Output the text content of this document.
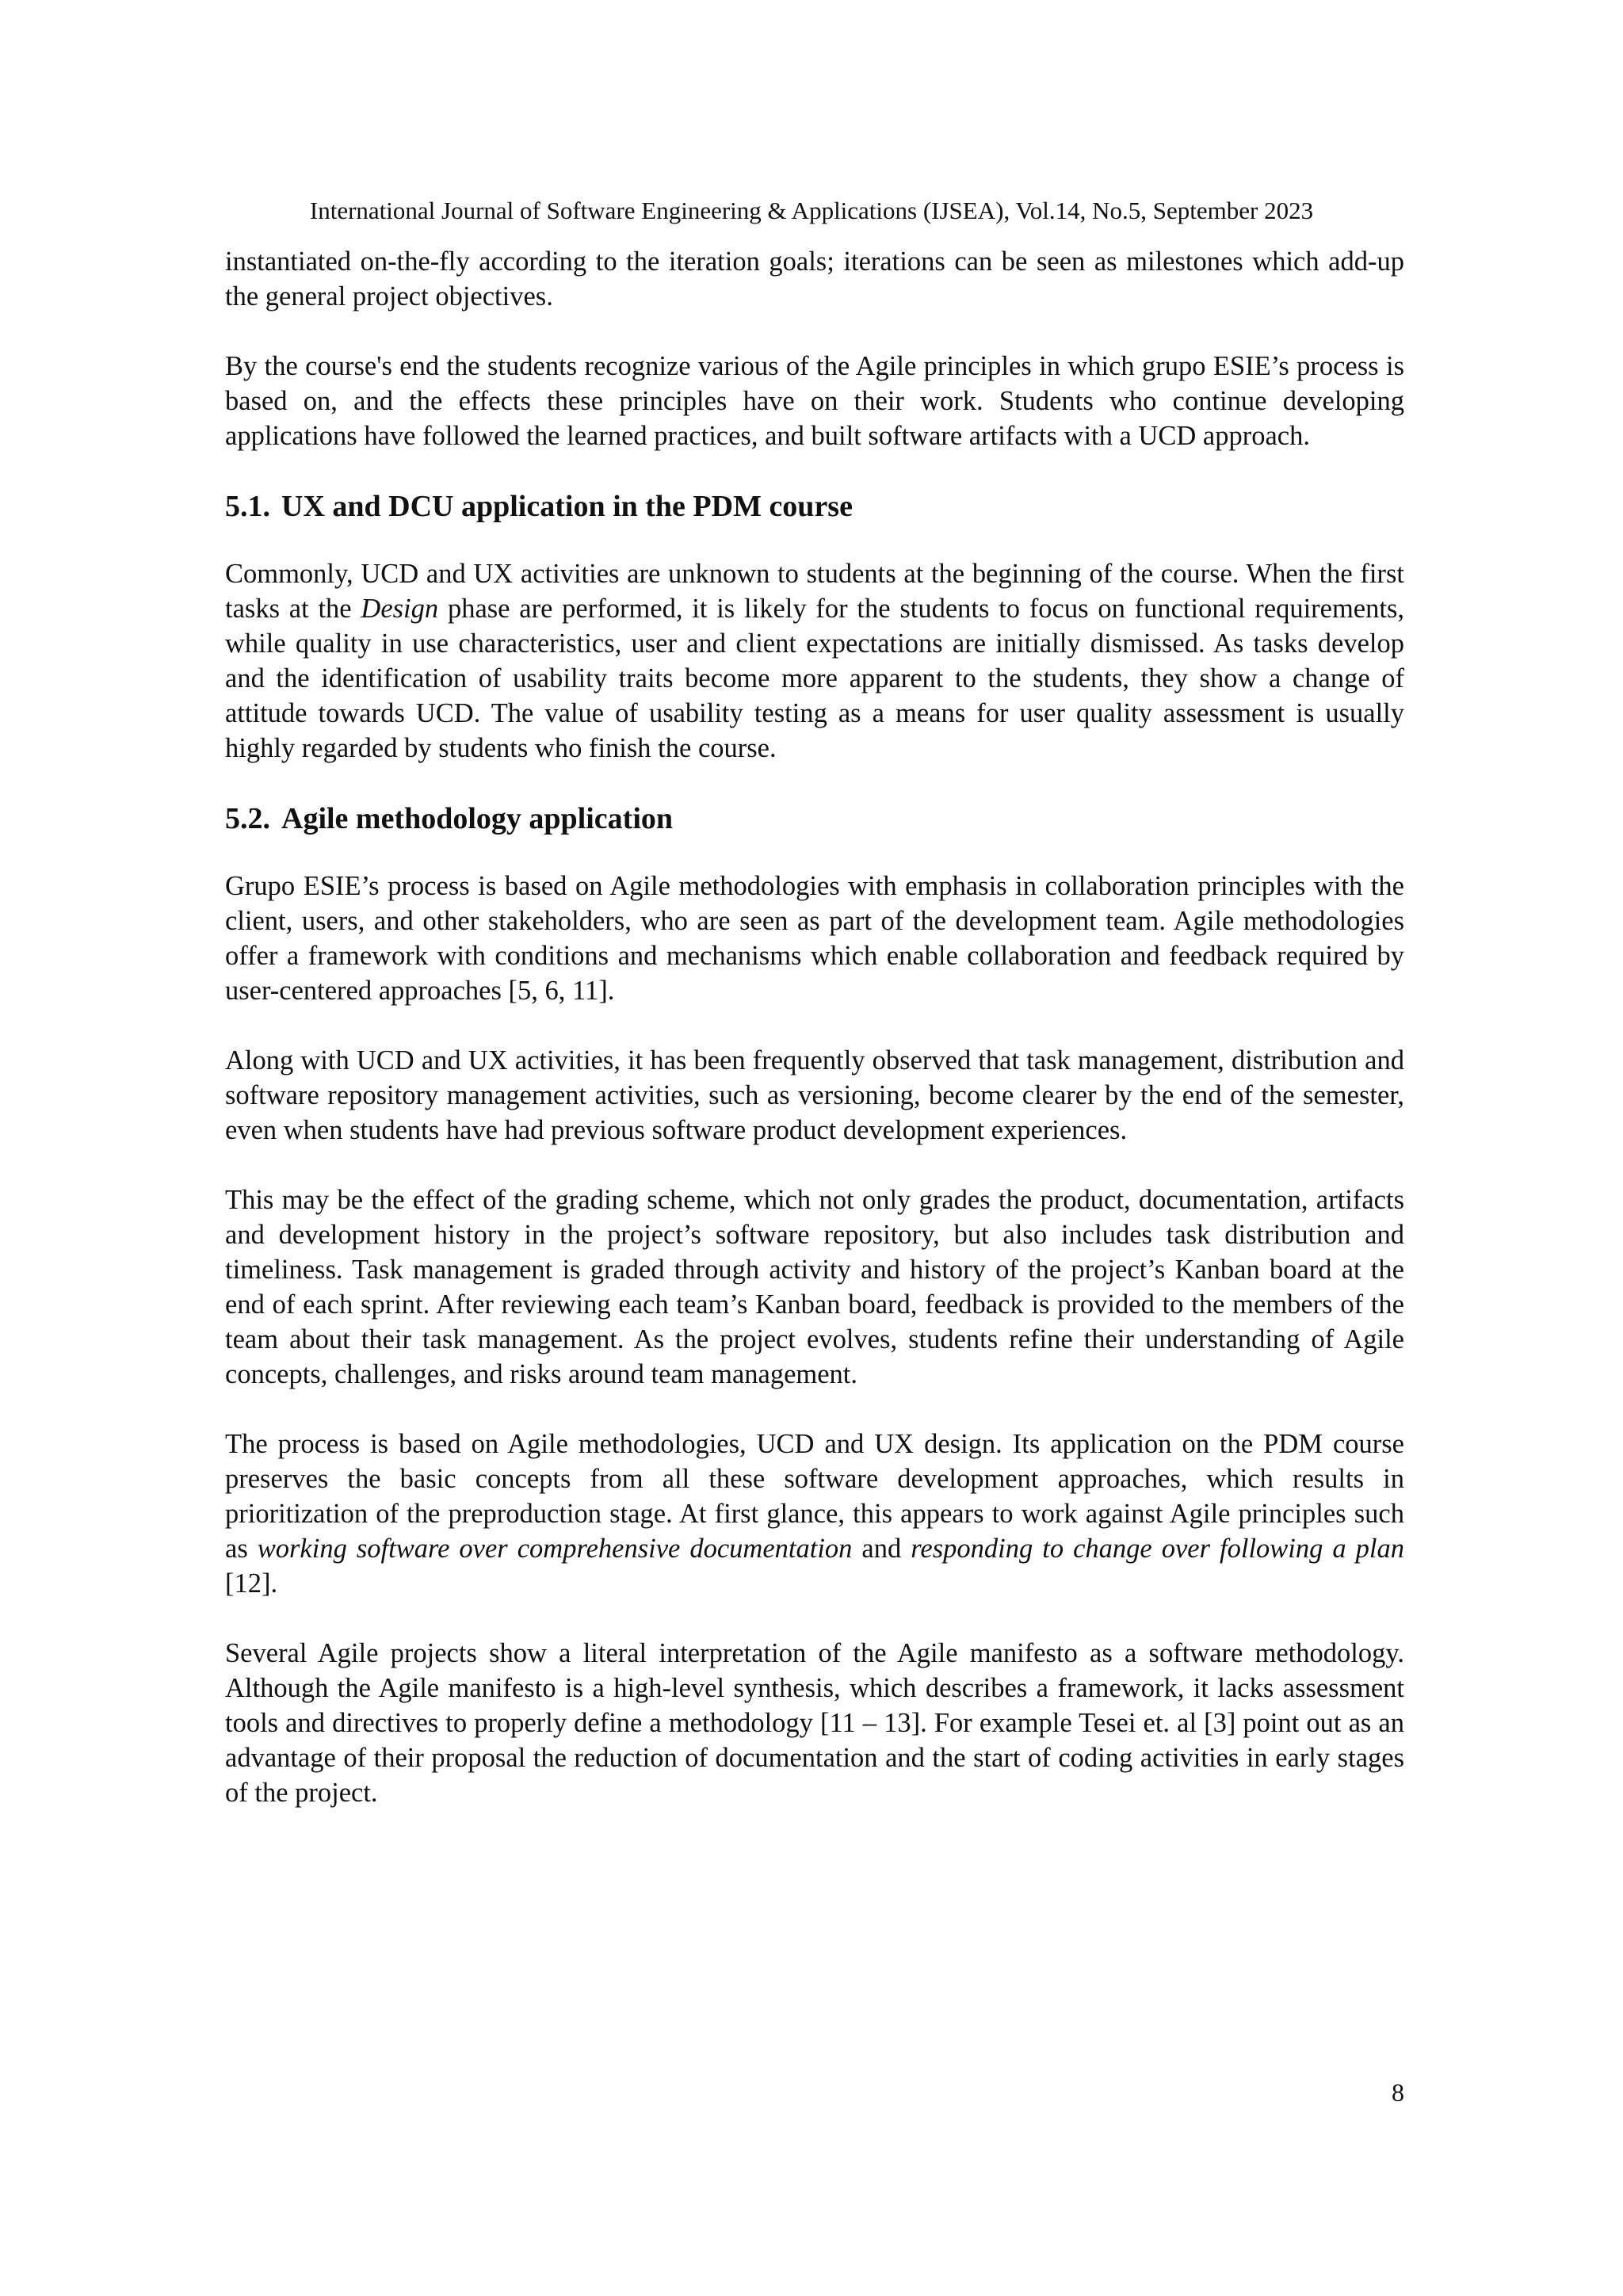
International Journal of Software Engineering & Applications (IJSEA), Vol.14, No.5, September 2023

instantiated on-the-fly according to the iteration goals; iterations can be seen as milestones which add-up the general project objectives.

By the course's end the students recognize various of the Agile principles in which grupo ESIE’s process is based on, and the effects these principles have on their work. Students who continue developing applications have followed the learned practices, and built software artifacts with a UCD approach.

5.1. UX and DCU application in the PDM course

Commonly, UCD and UX activities are unknown to students at the beginning of the course. When the first tasks at the Design phase are performed, it is likely for the students to focus on functional requirements, while quality in use characteristics, user and client expectations are initially dismissed. As tasks develop and the identification of usability traits become more apparent to the students, they show a change of attitude towards UCD. The value of usability testing as a means for user quality assessment is usually highly regarded by students who finish the course.

5.2. Agile methodology application

Grupo ESIE’s process is based on Agile methodologies with emphasis in collaboration principles with the client, users, and other stakeholders, who are seen as part of the development team. Agile methodologies offer a framework with conditions and mechanisms which enable collaboration and feedback required by user-centered approaches [5, 6, 11].

Along with UCD and UX activities, it has been frequently observed that task management, distribution and software repository management activities, such as versioning, become clearer by the end of the semester, even when students have had previous software product development experiences.

This may be the effect of the grading scheme, which not only grades the product, documentation, artifacts and development history in the project’s software repository, but also includes task distribution and timeliness. Task management is graded through activity and history of the project’s Kanban board at the end of each sprint. After reviewing each team’s Kanban board, feedback is provided to the members of the team about their task management. As the project evolves, students refine their understanding of Agile concepts, challenges, and risks around team management.

The process is based on Agile methodologies, UCD and UX design. Its application on the PDM course preserves the basic concepts from all these software development approaches, which results in prioritization of the preproduction stage. At first glance, this appears to work against Agile principles such as working software over comprehensive documentation and responding to change over following a plan [12].

Several Agile projects show a literal interpretation of the Agile manifesto as a software methodology. Although the Agile manifesto is a high-level synthesis, which describes a framework, it lacks assessment tools and directives to properly define a methodology [11 – 13]. For example Tesei et. al [3] point out as an advantage of their proposal the reduction of documentation and the start of coding activities in early stages of the project.

8
